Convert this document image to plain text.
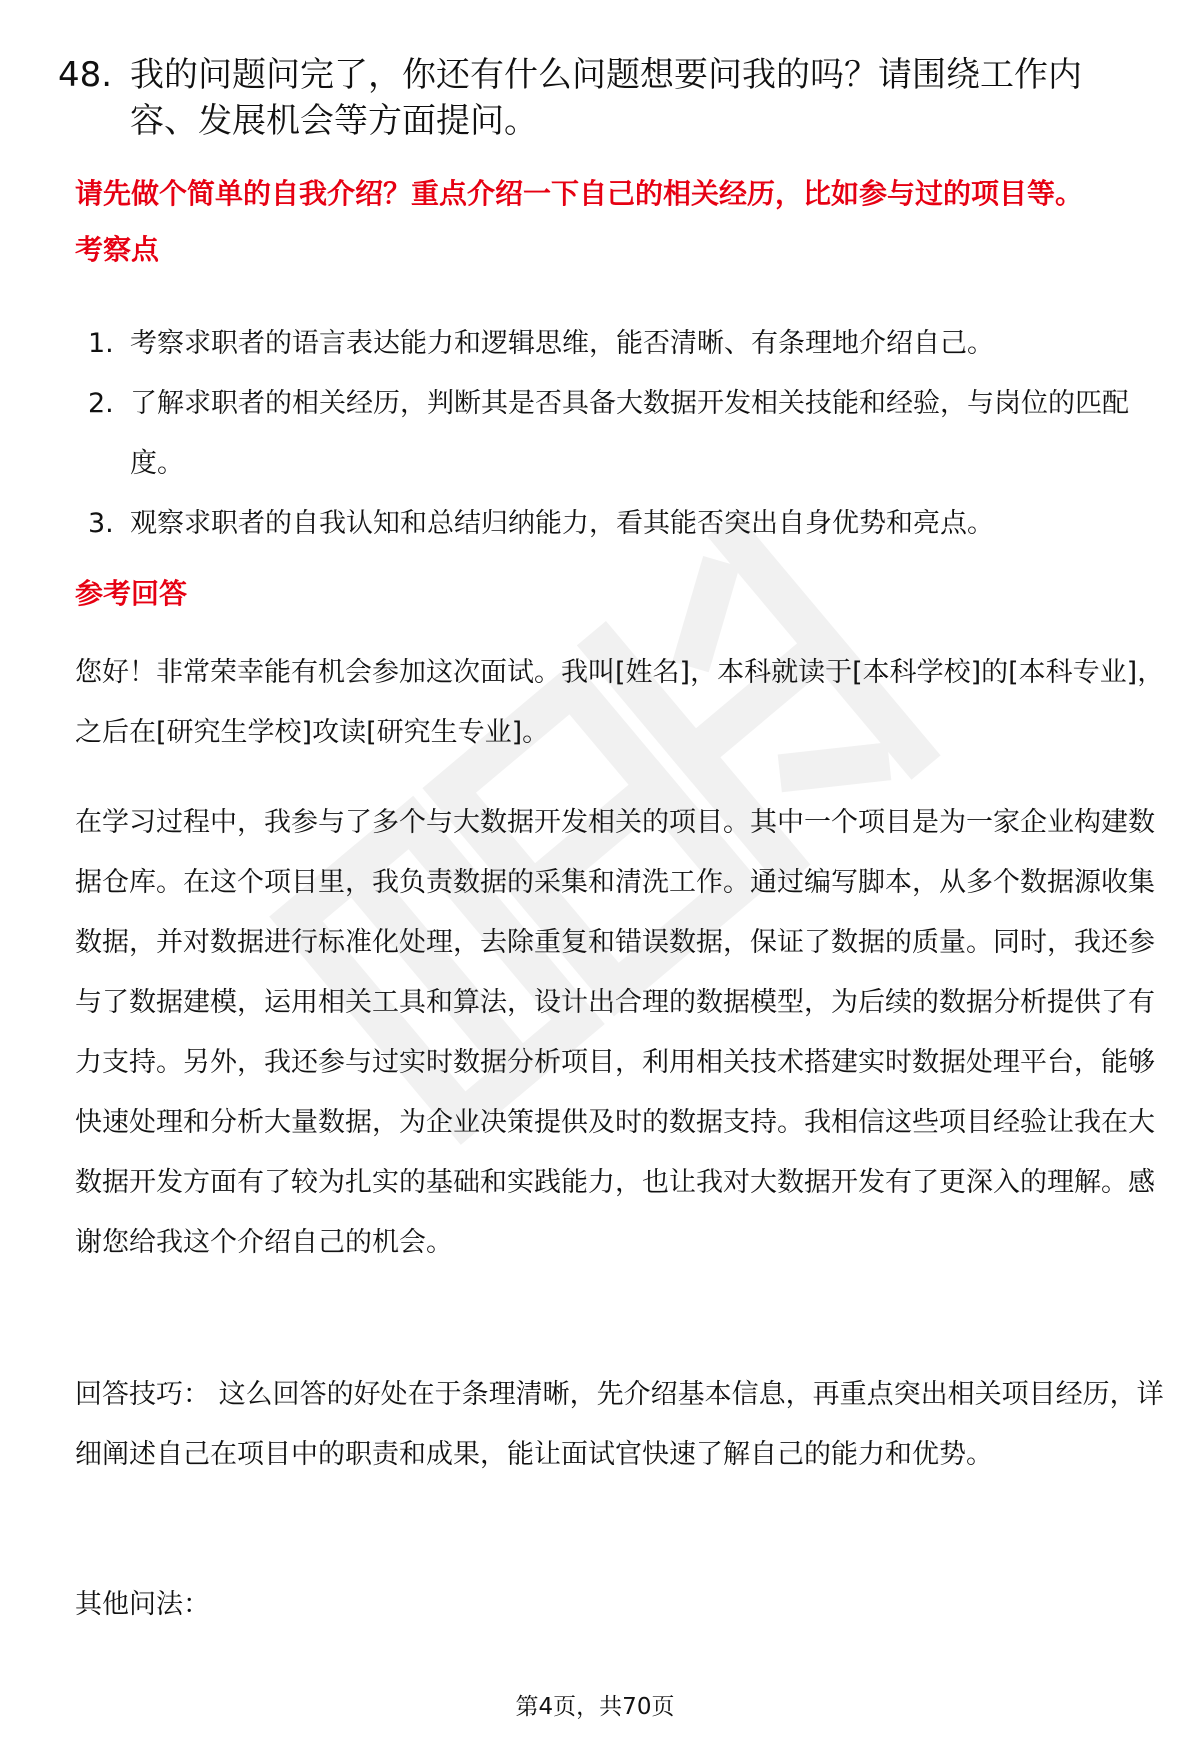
48. 我的问题问完了，你还有什么问题想要问我的吗？请围绕工作内容、发展机会等方面提问。
请先做个简单的自我介绍？重点介绍一下自己的相关经历，比如参与过的项目等。
考察点
1. 考察求职者的语言表达能力和逻辑思维，能否清晰、有条理地介绍自己。
2. 了解求职者的相关经历，判断其是否具备大数据开发相关技能和经验，与岗位的匹配度。
3. 观察求职者的自我认知和总结归纳能力，看其能否突出自身优势和亮点。
参考回答
您好！非常荣幸能有机会参加这次面试。我叫[姓名]，本科就读于[本科学校]的[本科专业]，之后在[研究生学校]攻读[研究生专业]。
在学习过程中，我参与了多个与大数据开发相关的项目。其中一个项目是为一家企业构建数据仓库。在这个项目里，我负责数据的采集和清洗工作。通过编写脚本，从多个数据源收集数据，并对数据进行标准化处理，去除重复和错误数据，保证了数据的质量。同时，我还参与了数据建模，运用相关工具和算法，设计出合理的数据模型，为后续的数据分析提供了有力支持。另外，我还参与过实时数据分析项目，利用相关技术搭建实时数据处理平台，能够快速处理和分析大量数据，为企业决策提供及时的数据支持。我相信这些项目经验让我在大数据开发方面有了较为扎实的基础和实践能力，也让我对大数据开发有了更深入的理解。感谢您给我这个介绍自己的机会。
回答技巧： 这么回答的好处在于条理清晰，先介绍基本信息，再重点突出相关项目经历，详细阐述自己在项目中的职责和成果，能让面试官快速了解自己的能力和优势。
其他问法：
第4页，共70页
